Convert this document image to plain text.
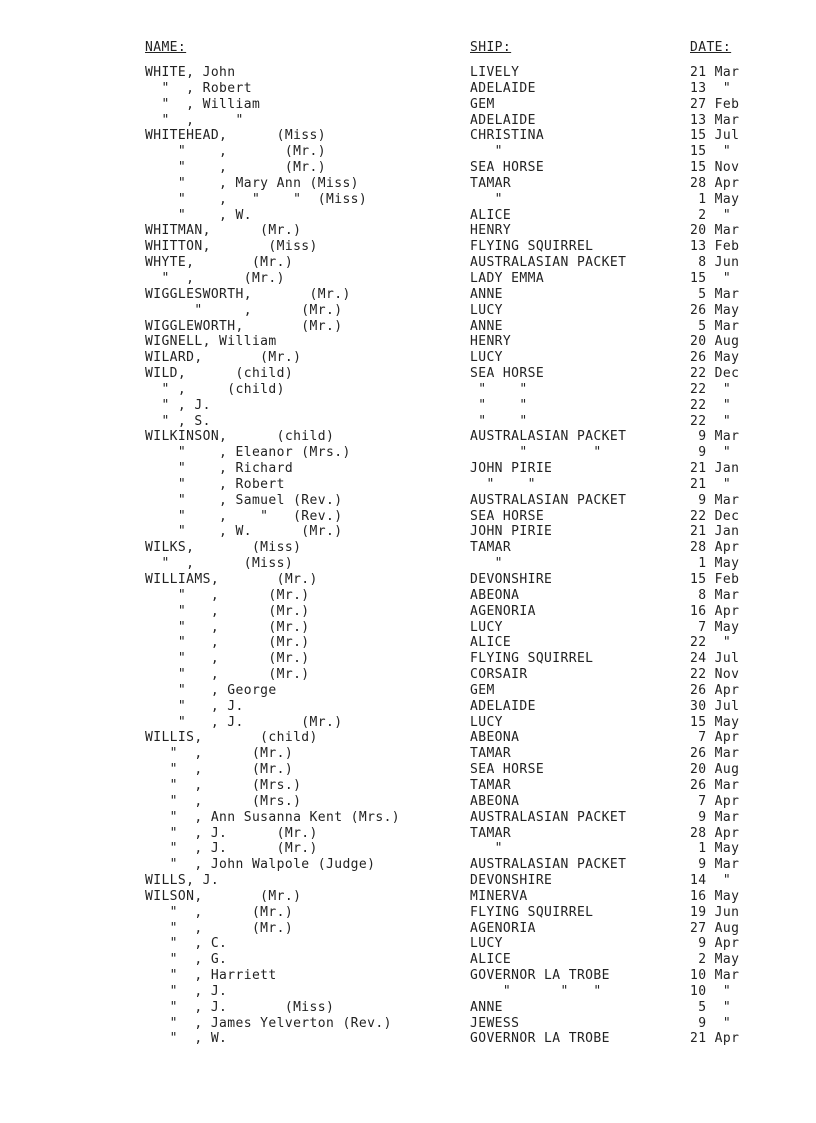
NAME:	SHIP:	DATE:
WHITE, John	LIVELY	21 Mar
"  , Robert	ADELAIDE	13  "
"  , William	GEM	27 Feb
"  ,     "	ADELAIDE	13 Mar
WHITEHEAD,      (Miss)	CHRISTINA	15 Jul
"    ,       (Mr.)	"	15  "
"    ,       (Mr.)	SEA HORSE	15 Nov
"    , Mary Ann (Miss)	TAMAR	28 Apr
"    ,   "    "  (Miss)	"	1 May
"    , W.	ALICE	2  "
WHITMAN,      (Mr.)	HENRY	20 Mar
WHITTON,       (Miss)	FLYING SQUIRREL	13 Feb
WHYTE,       (Mr.)	AUSTRALASIAN PACKET	8 Jun
"  ,      (Mr.)	LADY EMMA	15  "
WIGGLESWORTH,       (Mr.)	ANNE	5 Mar
"     ,      (Mr.)	LUCY	26 May
WIGGLEWORTH,       (Mr.)	ANNE	5 Mar
WIGNELL, William	HENRY	20 Aug
WILARD,       (Mr.)	LUCY	26 May
WILD,      (child)	SEA HORSE	22 Dec
" ,     (child)	"    "	22  "
" , J.	"    "	22  "
" , S.	"    "	22  "
WILKINSON,      (child)	AUSTRALASIAN PACKET	9 Mar
"    , Eleanor (Mrs.)	"        "	9  "
"    , Richard	JOHN PIRIE	21 Jan
"    , Robert	"    "	21  "
"    , Samuel (Rev.)	AUSTRALASIAN PACKET	9 Mar
"    ,    "   (Rev.)	SEA HORSE	22 Dec
"    , W.      (Mr.)	JOHN PIRIE	21 Jan
WILKS,       (Miss)	TAMAR	28 Apr
"  ,      (Miss)	"	1 May
WILLIAMS,       (Mr.)	DEVONSHIRE	15 Feb
"   ,      (Mr.)	ABEONA	8 Mar
"   ,      (Mr.)	AGENORIA	16 Apr
"   ,      (Mr.)	LUCY	7 May
"   ,      (Mr.)	ALICE	22  "
"   ,      (Mr.)	FLYING SQUIRREL	24 Jul
"   ,      (Mr.)	CORSAIR	22 Nov
"   , George	GEM	26 Apr
"   , J.	ADELAIDE	30 Jul
"   , J.       (Mr.)	LUCY	15 May
WILLIS,       (child)	ABEONA	7 Apr
"  ,      (Mr.)	TAMAR	26 Mar
"  ,      (Mr.)	SEA HORSE	20 Aug
"  ,      (Mrs.)	TAMAR	26 Mar
"  ,      (Mrs.)	ABEONA	7 Apr
"  , Ann Susanna Kent (Mrs.)	AUSTRALASIAN PACKET	9 Mar
"  , J.      (Mr.)	TAMAR	28 Apr
"  , J.      (Mr.)	"	1 May
"  , John Walpole (Judge)	AUSTRALASIAN PACKET	9 Mar
WILLS, J.	DEVONSHIRE	14  "
WILSON,       (Mr.)	MINERVA	16 May
"  ,      (Mr.)	FLYING SQUIRREL	19 Jun
"  ,      (Mr.)	AGENORIA	27 Aug
"  , C.	LUCY	9 Apr
"  , G.	ALICE	2 May
"  , Harriett	GOVERNOR LA TROBE	10 Mar
"  , J.	"      "   "	10  "
"  , J.       (Miss)	ANNE	5  "
"  , James Yelverton (Rev.)	JEWESS	9  "
"  , W.	GOVERNOR LA TROBE	21 Apr
